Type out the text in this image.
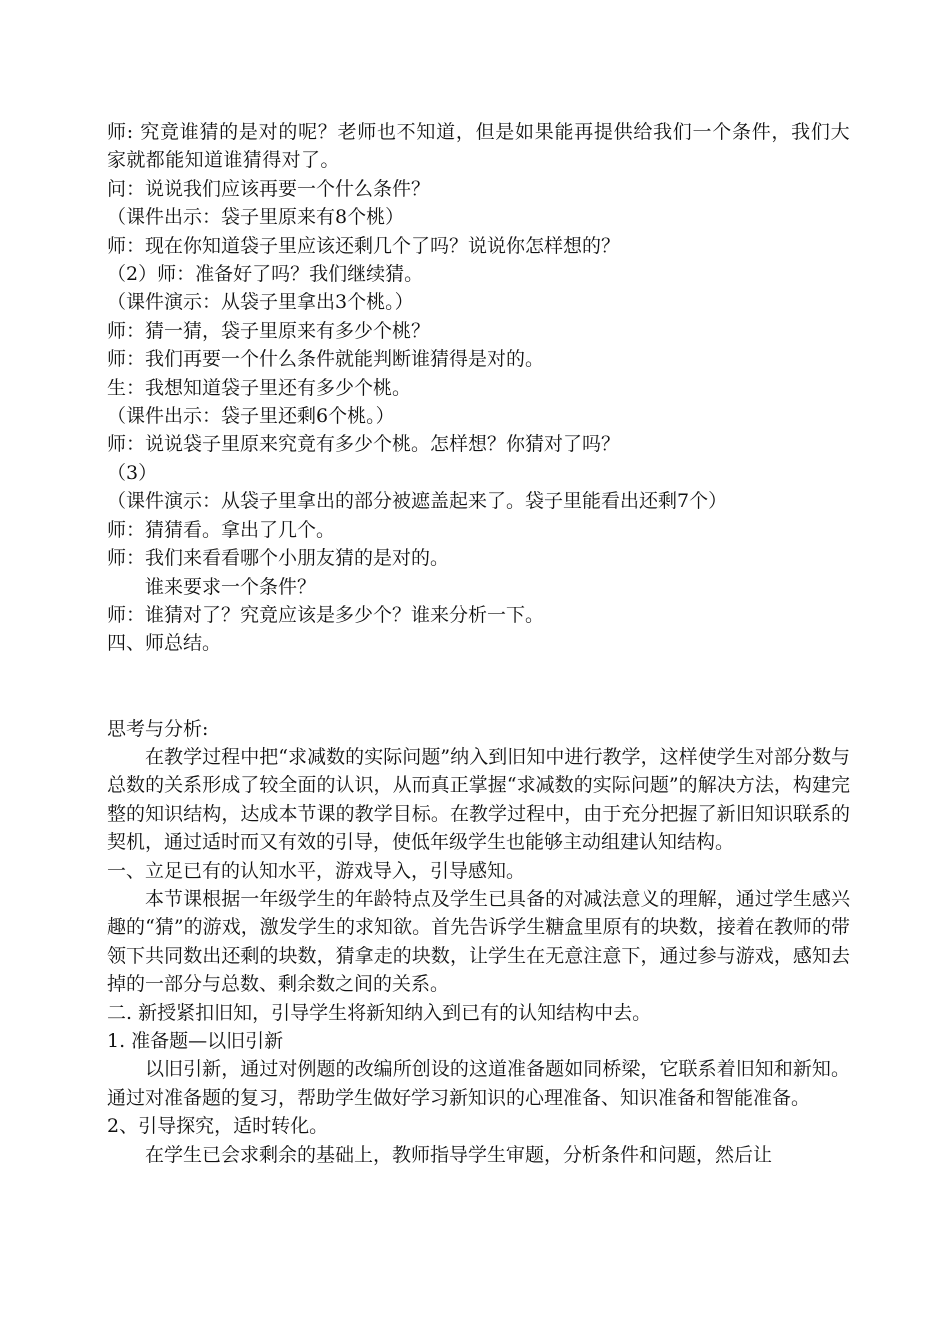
师: 究竟谁猜的是对的呢？老师也不知道，但是如果能再提供给我们一个条件，我们大家就都能知道谁猜得对了。

问：说说我们应该再要一个什么条件？

（课件出示：袋子里原来有8个桃）

师：现在你知道袋子里应该还剩几个了吗？说说你怎样想的？

（2）师：准备好了吗？我们继续猜。

（课件演示：从袋子里拿出3个桃。）

师：猜一猜，袋子里原来有多少个桃？

师：我们再要一个什么条件就能判断谁猜得是对的。

生：我想知道袋子里还有多少个桃。

（课件出示：袋子里还剩6个桃。）

师：说说袋子里原来究竟有多少个桃。怎样想？你猜对了吗？

（3）

（课件演示：从袋子里拿出的部分被遮盖起来了。袋子里能看出还剩7个）

师：猜猜看。拿出了几个。

师：我们来看看哪个小朋友猜的是对的。

谁来要求一个条件？

师：谁猜对了？究竟应该是多少个？谁来分析一下。

四、师总结。

思考与分析:

在教学过程中把“求减数的实际问题”纳入到旧知中进行教学，这样使学生对部分数与总数的关系形成了较全面的认识，从而真正掌握“求减数的实际问题”的解决方法，构建完整的知识结构，达成本节课的教学目标。在教学过程中，由于充分把握了新旧知识联系的契机，通过适时而又有效的引导，使低年级学生也能够主动组建认知结构。

一、立足已有的认知水平，游戏导入，引导感知。

本节课根据一年级学生的年龄特点及学生已具备的对减法意义的理解，通过学生感兴趣的“猜”的游戏，激发学生的求知欲。首先告诉学生糖盒里原有的块数，接着在教师的带领下共同数出还剩的块数，猜拿走的块数，让学生在无意注意下，通过参与游戏，感知去掉的一部分与总数、剩余数之间的关系。

二. 新授紧扣旧知，引导学生将新知纳入到已有的认知结构中去。

1. 准备题—以旧引新

以旧引新，通过对例题的改编所创设的这道准备题如同桥梁，它联系着旧知和新知。通过对准备题的复习，帮助学生做好学习新知识的心理准备、知识准备和智能准备。

2、引导探究，适时转化。

在学生已会求剩余的基础上，教师指导学生审题，分析条件和问题，然后让
